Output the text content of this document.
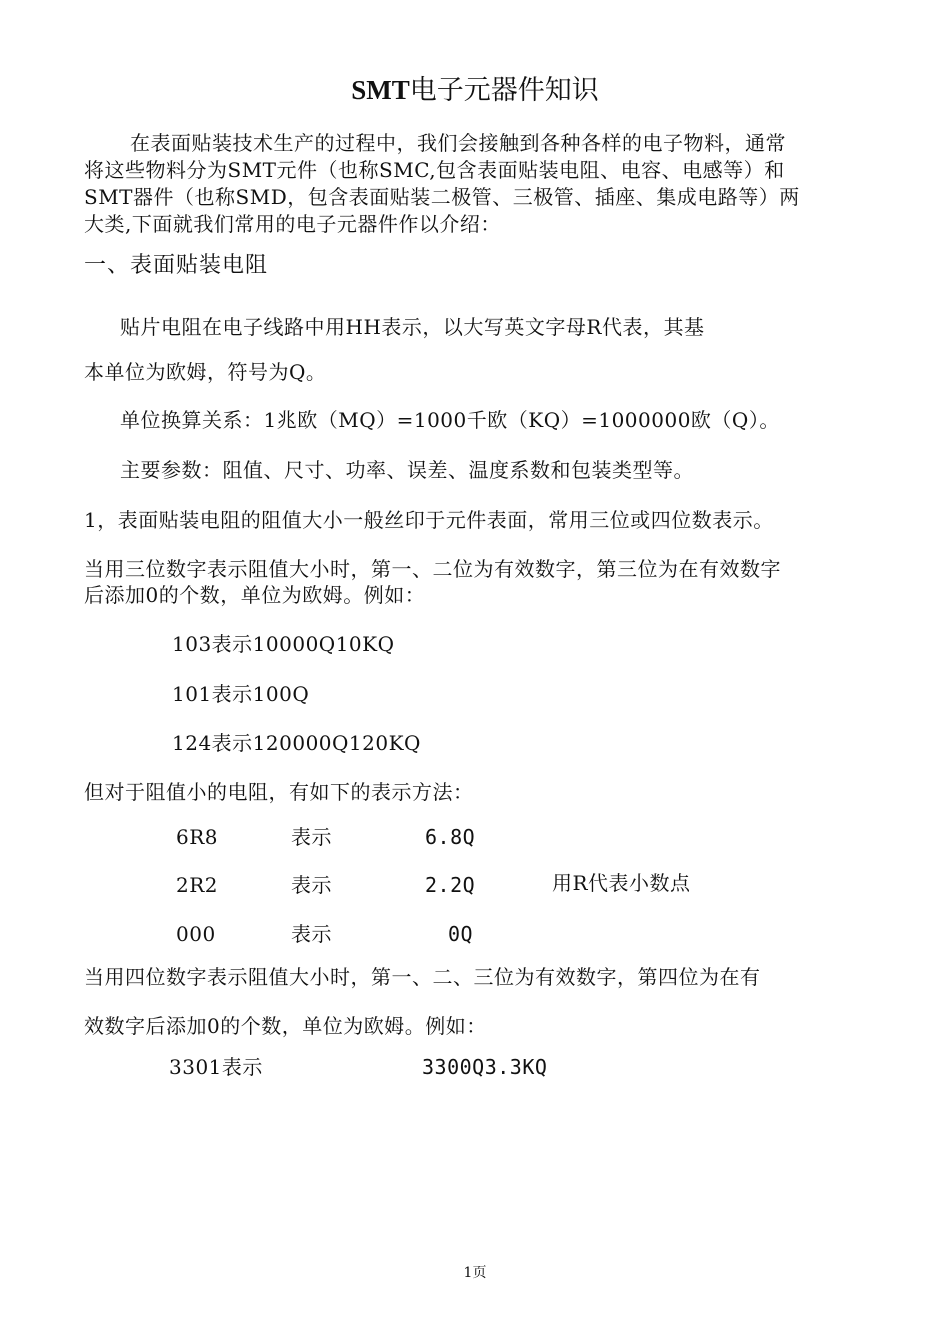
SMT电子元器件知识
在表面贴装技术生产的过程中，我们会接触到各种各样的电子物料，通常
将这些物料分为SMT元件（也称SMC,包含表面贴装电阻、电容、电感等）和
SMT器件（也称SMD，包含表面贴装二极管、三极管、插座、集成电路等）两
大类,下面就我们常用的电子元器件作以介绍：
一、表面贴装电阻
贴片电阻在电子线路中用HH表示，以大写英文字母R代表，其基
本单位为欧姆，符号为Q。
单位换算关系：1兆欧（MQ）=1000千欧（KQ）=1000000欧（Q）。
主要参数：阻值、尺寸、功率、误差、温度系数和包装类型等。
1，表面贴装电阻的阻值大小一般丝印于元件表面，常用三位或四位数表示。
当用三位数字表示阻值大小时，第一、二位为有效数字，第三位为在有效数字
后添加0的个数，单位为欧姆。例如：
103表示10000Q10KQ
101表示100Q
124表示120000Q120KQ
但对于阻值小的电阻，有如下的表示方法：
6R8	表示	6.8Q
2R2	表示	2.2Q
000	表示	0Q
用R代表小数点
当用四位数字表示阻值大小时，第一、二、三位为有效数字，第四位为在有
效数字后添加0的个数，单位为欧姆。例如：
3301表示	3300Q3.3KQ
1页
